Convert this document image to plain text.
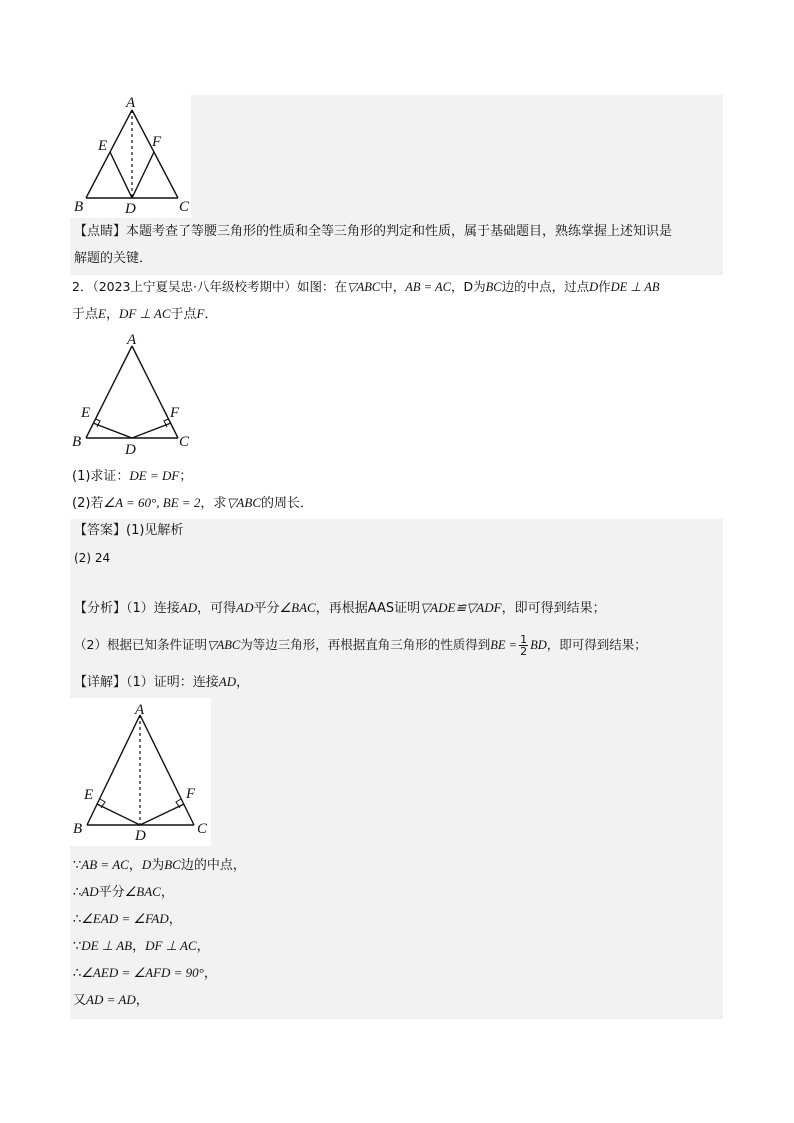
A
E	F
B	D	C
【点睛】本题考查了等腰三角形的性质和全等三角形的判定和性质，属于基础题目，熟练掌握上述知识是
解题的关键．
2．（2023上宁夏吴忠·八年级校考期中）如图：在▽ABC中，AB = AC，D为BC边的中点，过点D作DE ⊥ AB
于点E，DF ⊥ AC于点F．
A
E	F
B	D	C
(1)求证：DE = DF；
(2)若∠A = 60°, BE = 2，求▽ABC的周长．
【答案】(1)见解析
(2) 24
【分析】（1）连接AD，可得AD平分∠BAC，再根据AAS证明▽ADE≌▽ADF，即可得到结果；
（2）根据已知条件证明▽ABC为等边三角形，再根据直角三角形的性质得到BE = $\frac{1}{2}$ BD，即可得到结果；
【详解】（1）证明：连接AD，
A
E	F
B	D	C
∵AB = AC，D为BC边的中点，
∴AD平分∠BAC，
∴∠EAD = ∠FAD，
∵DE ⊥ AB，DF ⊥ AC，
∴∠AED = ∠AFD = 90°，
又AD = AD，
